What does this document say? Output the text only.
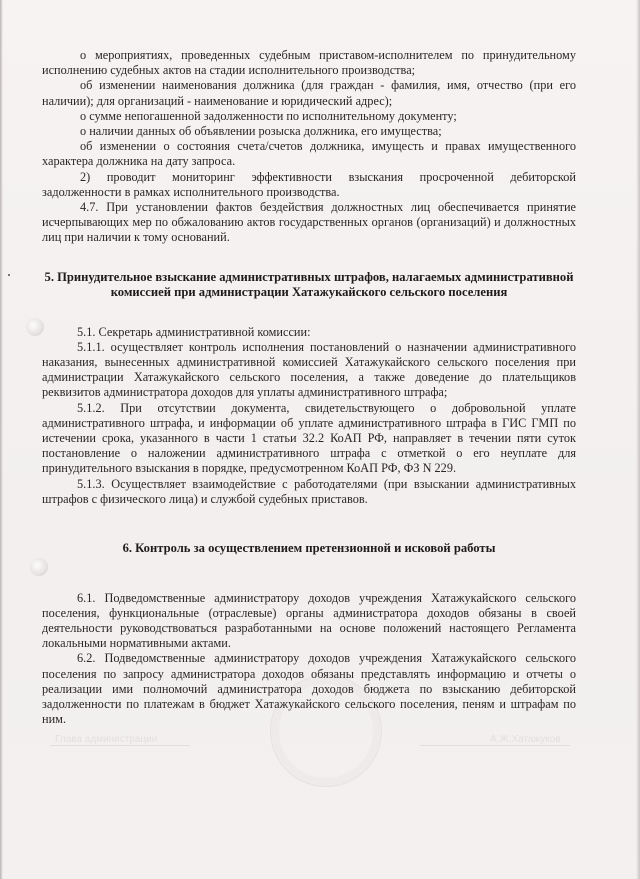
Глава администрации	А.Ж.Хатажуков

о мероприятиях, проведенных судебным приставом-исполнителем по принудительному исполнению судебных актов на стадии исполнительного производства;

об изменении наименования должника (для граждан - фамилия, имя, отчество (при его наличии); для организаций - наименование и юридический адрес);

о сумме непогашенной задолженности по исполнительному документу;

о наличии данных об объявлении розыска должника, его имущества;

об изменении о состояния счета/счетов должника, имущесть и правах имущественного характера должника на дату запроса.

2) проводит мониторинг эффективности взыскания просроченной дебиторской задолженности в рамках исполнительного производства.

4.7. При установлении фактов бездействия должностных лиц обеспечивается принятие исчерпывающих мер по обжалованию актов государственных органов (организаций) и должностных лиц при наличии к тому оснований.

5. Принудительное взыскание административных штрафов, налагаемых административной комиссией при администрации Хатажукайского сельского поселения

5.1. Секретарь административной комиссии:

5.1.1. осуществляет контроль исполнения постановлений о назначении административного наказания, вынесенных административной комиссией Хатажукайского сельского поселения при администрации Хатажукайского сельского поселения, а также доведение до плательщиков реквизитов администратора доходов для уплаты административного штрафа;

5.1.2. При отсутствии документа, свидетельствующего о добровольной уплате административного штрафа, и информации об уплате административного штрафа в ГИС ГМП по истечении срока, указанного в части 1 статьи 32.2 КоАП РФ, направляет в течении пяти суток постановление о наложении административного штрафа с отметкой о его неуплате для принудительного взыскания в порядке, предусмотренном КоАП РФ, ФЗ N 229.

5.1.3. Осуществляет взаимодействие с работодателями (при взыскании административных штрафов с физического лица) и службой судебных приставов.

6. Контроль за осуществлением претензионной и исковой работы

6.1. Подведомственные администратору доходов учреждения Хатажукайского сельского поселения, функциональные (отраслевые) органы администратора доходов обязаны в своей деятельности руководствоваться разработанными на основе положений настоящего Регламента локальными нормативными актами.

6.2. Подведомственные администратору доходов учреждения Хатажукайского сельского поселения по запросу администратора доходов обязаны представлять информацию и отчеты о реализации ими полномочий администратора доходов бюджета по взысканию дебиторской задолженности по платежам в бюджет Хатажукайского сельского поселения, пеням и штрафам по ним.
